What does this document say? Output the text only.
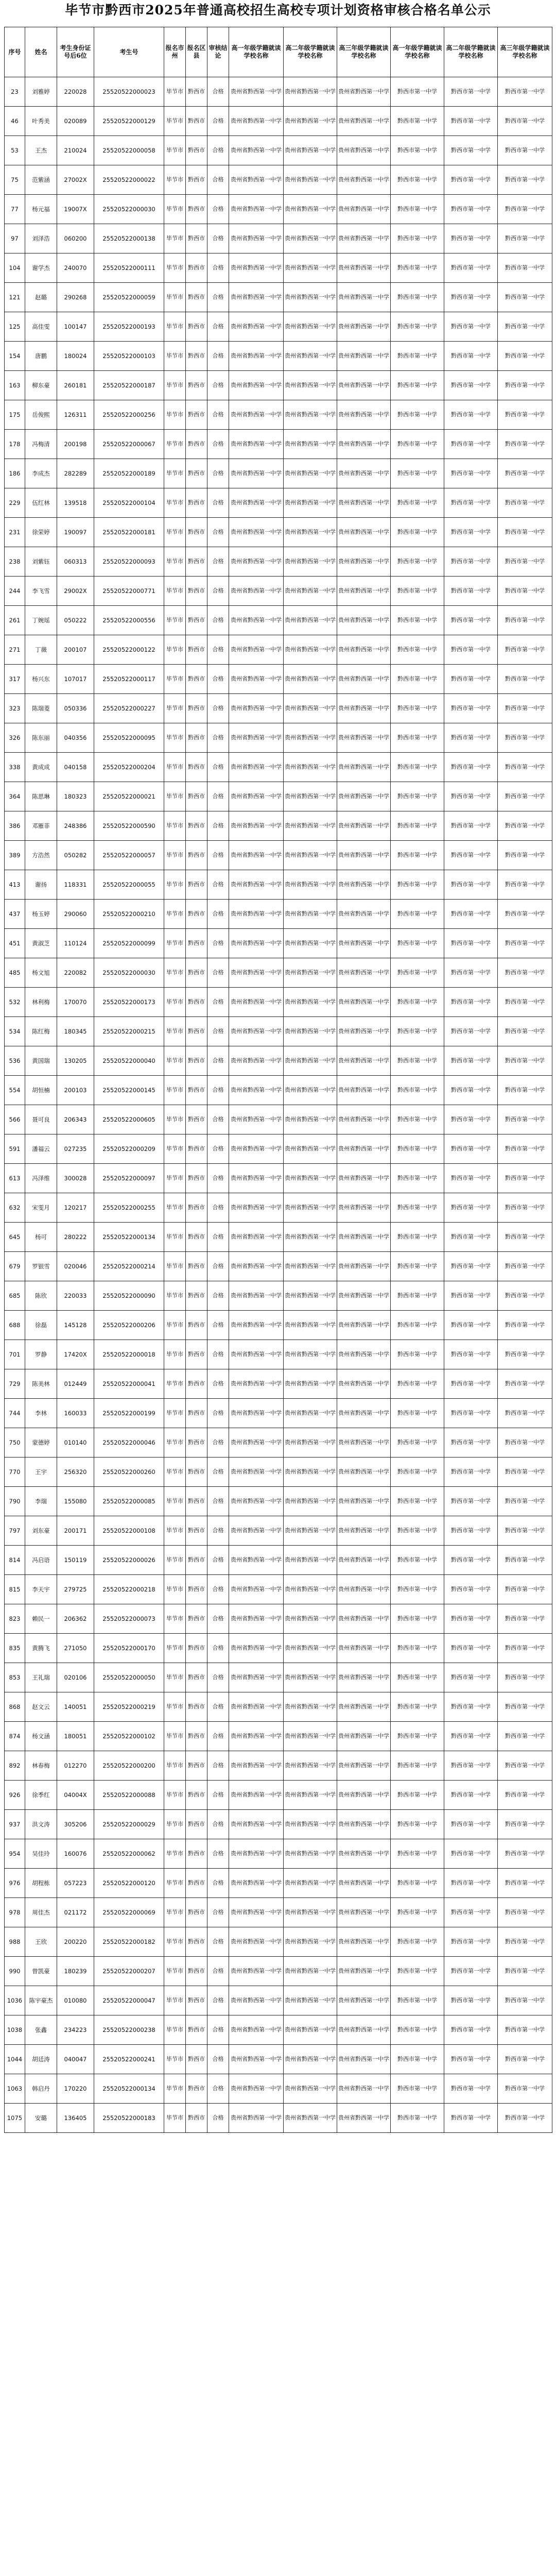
毕节市黔西市2025年普通高校招生高校专项计划资格审核合格名单公示
序号	姓名	考生身份证号后6位	考生号	报名市州	报名区县	审核结论	高一年级学籍就读学校名称	高二年级学籍就读学校名称	高三年级学籍就读学校名称	高一年级学籍就读学校名称	高二年级学籍就读学校名称	高三年级学籍就读学校名称
23	刘雅婷	220028	25520522000023	毕节市	黔西市	合格	贵州省黔西第一中学	贵州省黔西第一中学	贵州省黔西第一中学	黔西市第一中学	黔西市第一中学	黔西市第一中学
46	叶秀美	020089	25520522000129	毕节市	黔西市	合格	贵州省黔西第一中学	贵州省黔西第一中学	贵州省黔西第一中学	黔西市第一中学	黔西市第一中学	黔西市第一中学
53	王杰	210024	25520522000058	毕节市	黔西市	合格	贵州省黔西第一中学	贵州省黔西第一中学	贵州省黔西第一中学	黔西市第一中学	黔西市第一中学	黔西市第一中学
75	范紫涵	27002X	25520522000022	毕节市	黔西市	合格	贵州省黔西第一中学	贵州省黔西第一中学	贵州省黔西第一中学	黔西市第一中学	黔西市第一中学	黔西市第一中学
77	杨元福	19007X	25520522000030	毕节市	黔西市	合格	贵州省黔西第一中学	贵州省黔西第一中学	贵州省黔西第一中学	黔西市第一中学	黔西市第一中学	黔西市第一中学
97	刘泽浩	060200	25520522000138	毕节市	黔西市	合格	贵州省黔西第一中学	贵州省黔西第一中学	贵州省黔西第一中学	黔西市第一中学	黔西市第一中学	黔西市第一中学
104	谢学杰	240070	25520522000111	毕节市	黔西市	合格	贵州省黔西第一中学	贵州省黔西第一中学	贵州省黔西第一中学	黔西市第一中学	黔西市第一中学	黔西市第一中学
121	赵璐	290268	25520522000059	毕节市	黔西市	合格	贵州省黔西第一中学	贵州省黔西第一中学	贵州省黔西第一中学	黔西市第一中学	黔西市第一中学	黔西市第一中学
125	高佳雯	100147	25520522000193	毕节市	黔西市	合格	贵州省黔西第一中学	贵州省黔西第一中学	贵州省黔西第一中学	黔西市第一中学	黔西市第一中学	黔西市第一中学
154	唐鹏	180024	25520522000103	毕节市	黔西市	合格	贵州省黔西第一中学	贵州省黔西第一中学	贵州省黔西第一中学	黔西市第一中学	黔西市第一中学	黔西市第一中学
163	柳东豪	260181	25520522000187	毕节市	黔西市	合格	贵州省黔西第一中学	贵州省黔西第一中学	贵州省黔西第一中学	黔西市第一中学	黔西市第一中学	黔西市第一中学
175	岳俊熙	126311	25520522000256	毕节市	黔西市	合格	贵州省黔西第一中学	贵州省黔西第一中学	贵州省黔西第一中学	黔西市第一中学	黔西市第一中学	黔西市第一中学
178	冯梅清	200198	25520522000067	毕节市	黔西市	合格	贵州省黔西第一中学	贵州省黔西第一中学	贵州省黔西第一中学	黔西市第一中学	黔西市第一中学	黔西市第一中学
186	李成杰	282289	25520522000189	毕节市	黔西市	合格	贵州省黔西第一中学	贵州省黔西第一中学	贵州省黔西第一中学	黔西市第一中学	黔西市第一中学	黔西市第一中学
229	伍红林	139518	25520522000104	毕节市	黔西市	合格	贵州省黔西第一中学	贵州省黔西第一中学	贵州省黔西第一中学	黔西市第一中学	黔西市第一中学	黔西市第一中学
231	徐荣婷	190097	25520522000181	毕节市	黔西市	合格	贵州省黔西第一中学	贵州省黔西第一中学	贵州省黔西第一中学	黔西市第一中学	黔西市第一中学	黔西市第一中学
238	刘紫钰	060313	25520522000093	毕节市	黔西市	合格	贵州省黔西第一中学	贵州省黔西第一中学	贵州省黔西第一中学	黔西市第一中学	黔西市第一中学	黔西市第一中学
244	李飞雪	29002X	25520522000771	毕节市	黔西市	合格	贵州省黔西第一中学	贵州省黔西第一中学	贵州省黔西第一中学	黔西市第一中学	黔西市第一中学	黔西市第一中学
261	丁婉瑶	050222	25520522000556	毕节市	黔西市	合格	贵州省黔西第一中学	贵州省黔西第一中学	贵州省黔西第一中学	黔西市第一中学	黔西市第一中学	黔西市第一中学
271	丁薇	200107	25520522000122	毕节市	黔西市	合格	贵州省黔西第一中学	贵州省黔西第一中学	贵州省黔西第一中学	黔西市第一中学	黔西市第一中学	黔西市第一中学
317	杨兴东	107017	25520522000117	毕节市	黔西市	合格	贵州省黔西第一中学	贵州省黔西第一中学	贵州省黔西第一中学	黔西市第一中学	黔西市第一中学	黔西市第一中学
323	陈瑞菱	050336	25520522000227	毕节市	黔西市	合格	贵州省黔西第一中学	贵州省黔西第一中学	贵州省黔西第一中学	黔西市第一中学	黔西市第一中学	黔西市第一中学
326	陈东丽	040356	25520522000095	毕节市	黔西市	合格	贵州省黔西第一中学	贵州省黔西第一中学	贵州省黔西第一中学	黔西市第一中学	黔西市第一中学	黔西市第一中学
338	黄成成	040158	25520522000204	毕节市	黔西市	合格	贵州省黔西第一中学	贵州省黔西第一中学	贵州省黔西第一中学	黔西市第一中学	黔西市第一中学	黔西市第一中学
364	陈思琳	180323	25520522000021	毕节市	黔西市	合格	贵州省黔西第一中学	贵州省黔西第一中学	贵州省黔西第一中学	黔西市第一中学	黔西市第一中学	黔西市第一中学
386	邓雁菲	248386	25520522000590	毕节市	黔西市	合格	贵州省黔西第一中学	贵州省黔西第一中学	贵州省黔西第一中学	黔西市第一中学	黔西市第一中学	黔西市第一中学
389	方浩然	050282	25520522000057	毕节市	黔西市	合格	贵州省黔西第一中学	贵州省黔西第一中学	贵州省黔西第一中学	黔西市第一中学	黔西市第一中学	黔西市第一中学
413	谢扬	118331	25520522000055	毕节市	黔西市	合格	贵州省黔西第一中学	贵州省黔西第一中学	贵州省黔西第一中学	黔西市第一中学	黔西市第一中学	黔西市第一中学
437	杨玉婷	290060	25520522000210	毕节市	黔西市	合格	贵州省黔西第一中学	贵州省黔西第一中学	贵州省黔西第一中学	黔西市第一中学	黔西市第一中学	黔西市第一中学
451	黄淑芝	110124	25520522000099	毕节市	黔西市	合格	贵州省黔西第一中学	贵州省黔西第一中学	贵州省黔西第一中学	黔西市第一中学	黔西市第一中学	黔西市第一中学
485	杨文旭	220082	25520522000030	毕节市	黔西市	合格	贵州省黔西第一中学	贵州省黔西第一中学	贵州省黔西第一中学	黔西市第一中学	黔西市第一中学	黔西市第一中学
532	林利梅	170070	25520522000173	毕节市	黔西市	合格	贵州省黔西第一中学	贵州省黔西第一中学	贵州省黔西第一中学	黔西市第一中学	黔西市第一中学	黔西市第一中学
534	陈红梅	180345	25520522000215	毕节市	黔西市	合格	贵州省黔西第一中学	贵州省黔西第一中学	贵州省黔西第一中学	黔西市第一中学	黔西市第一中学	黔西市第一中学
536	黄国瑞	130205	25520522000040	毕节市	黔西市	合格	贵州省黔西第一中学	贵州省黔西第一中学	贵州省黔西第一中学	黔西市第一中学	黔西市第一中学	黔西市第一中学
554	胡恒楠	200103	25520522000145	毕节市	黔西市	合格	贵州省黔西第一中学	贵州省黔西第一中学	贵州省黔西第一中学	黔西市第一中学	黔西市第一中学	黔西市第一中学
566	聂可良	206343	25520522000605	毕节市	黔西市	合格	贵州省黔西第一中学	贵州省黔西第一中学	贵州省黔西第一中学	黔西市第一中学	黔西市第一中学	黔西市第一中学
591	潘福云	027235	25520522000209	毕节市	黔西市	合格	贵州省黔西第一中学	贵州省黔西第一中学	贵州省黔西第一中学	黔西市第一中学	黔西市第一中学	黔西市第一中学
613	冯泽维	300028	25520522000097	毕节市	黔西市	合格	贵州省黔西第一中学	贵州省黔西第一中学	贵州省黔西第一中学	黔西市第一中学	黔西市第一中学	黔西市第一中学
632	宋雯月	120217	25520522000255	毕节市	黔西市	合格	贵州省黔西第一中学	贵州省黔西第一中学	贵州省黔西第一中学	黔西市第一中学	黔西市第一中学	黔西市第一中学
645	杨可	280222	25520522000134	毕节市	黔西市	合格	贵州省黔西第一中学	贵州省黔西第一中学	贵州省黔西第一中学	黔西市第一中学	黔西市第一中学	黔西市第一中学
679	罗银雪	020046	25520522000214	毕节市	黔西市	合格	贵州省黔西第一中学	贵州省黔西第一中学	贵州省黔西第一中学	黔西市第一中学	黔西市第一中学	黔西市第一中学
685	陈欣	220033	25520522000090	毕节市	黔西市	合格	贵州省黔西第一中学	贵州省黔西第一中学	贵州省黔西第一中学	黔西市第一中学	黔西市第一中学	黔西市第一中学
688	徐磊	145128	25520522000206	毕节市	黔西市	合格	贵州省黔西第一中学	贵州省黔西第一中学	贵州省黔西第一中学	黔西市第一中学	黔西市第一中学	黔西市第一中学
701	罗静	17420X	25520522000018	毕节市	黔西市	合格	贵州省黔西第一中学	贵州省黔西第一中学	贵州省黔西第一中学	黔西市第一中学	黔西市第一中学	黔西市第一中学
729	陈美林	012449	25520522000041	毕节市	黔西市	合格	贵州省黔西第一中学	贵州省黔西第一中学	贵州省黔西第一中学	黔西市第一中学	黔西市第一中学	黔西市第一中学
744	李林	160033	25520522000199	毕节市	黔西市	合格	贵州省黔西第一中学	贵州省黔西第一中学	贵州省黔西第一中学	黔西市第一中学	黔西市第一中学	黔西市第一中学
750	蒙德婷	010140	25520522000046	毕节市	黔西市	合格	贵州省黔西第一中学	贵州省黔西第一中学	贵州省黔西第一中学	黔西市第一中学	黔西市第一中学	黔西市第一中学
770	王宇	256320	25520522000260	毕节市	黔西市	合格	贵州省黔西第一中学	贵州省黔西第一中学	贵州省黔西第一中学	黔西市第一中学	黔西市第一中学	黔西市第一中学
790	李瑞	155080	25520522000085	毕节市	黔西市	合格	贵州省黔西第一中学	贵州省黔西第一中学	贵州省黔西第一中学	黔西市第一中学	黔西市第一中学	黔西市第一中学
797	刘东豪	200171	25520522000108	毕节市	黔西市	合格	贵州省黔西第一中学	贵州省黔西第一中学	贵州省黔西第一中学	黔西市第一中学	黔西市第一中学	黔西市第一中学
814	冯启语	150119	25520522000026	毕节市	黔西市	合格	贵州省黔西第一中学	贵州省黔西第一中学	贵州省黔西第一中学	黔西市第一中学	黔西市第一中学	黔西市第一中学
815	李天宇	279725	25520522000218	毕节市	黔西市	合格	贵州省黔西第一中学	贵州省黔西第一中学	贵州省黔西第一中学	黔西市第一中学	黔西市第一中学	黔西市第一中学
823	赖民一	206362	25520522000073	毕节市	黔西市	合格	贵州省黔西第一中学	贵州省黔西第一中学	贵州省黔西第一中学	黔西市第一中学	黔西市第一中学	黔西市第一中学
835	黄腾飞	271050	25520522000170	毕节市	黔西市	合格	贵州省黔西第一中学	贵州省黔西第一中学	贵州省黔西第一中学	黔西市第一中学	黔西市第一中学	黔西市第一中学
853	王礼瑞	020106	25520522000050	毕节市	黔西市	合格	贵州省黔西第一中学	贵州省黔西第一中学	贵州省黔西第一中学	黔西市第一中学	黔西市第一中学	黔西市第一中学
868	赵文云	140051	25520522000219	毕节市	黔西市	合格	贵州省黔西第一中学	贵州省黔西第一中学	贵州省黔西第一中学	黔西市第一中学	黔西市第一中学	黔西市第一中学
874	杨文涵	180051	25520522000102	毕节市	黔西市	合格	贵州省黔西第一中学	贵州省黔西第一中学	贵州省黔西第一中学	黔西市第一中学	黔西市第一中学	黔西市第一中学
892	林春梅	012270	25520522000200	毕节市	黔西市	合格	贵州省黔西第一中学	贵州省黔西第一中学	贵州省黔西第一中学	黔西市第一中学	黔西市第一中学	黔西市第一中学
926	徐季红	04004X	25520522000088	毕节市	黔西市	合格	贵州省黔西第一中学	贵州省黔西第一中学	贵州省黔西第一中学	黔西市第一中学	黔西市第一中学	黔西市第一中学
937	洪文涛	305206	25520522000029	毕节市	黔西市	合格	贵州省黔西第一中学	贵州省黔西第一中学	贵州省黔西第一中学	黔西市第一中学	黔西市第一中学	黔西市第一中学
954	吴佳玲	160076	25520522000062	毕节市	黔西市	合格	贵州省黔西第一中学	贵州省黔西第一中学	贵州省黔西第一中学	黔西市第一中学	黔西市第一中学	黔西市第一中学
976	胡程栋	057223	25520522000120	毕节市	黔西市	合格	贵州省黔西第一中学	贵州省黔西第一中学	贵州省黔西第一中学	黔西市第一中学	黔西市第一中学	黔西市第一中学
978	周佳杰	021172	25520522000069	毕节市	黔西市	合格	贵州省黔西第一中学	贵州省黔西第一中学	贵州省黔西第一中学	黔西市第一中学	黔西市第一中学	黔西市第一中学
988	王欣	200220	25520522000182	毕节市	黔西市	合格	贵州省黔西第一中学	贵州省黔西第一中学	贵州省黔西第一中学	黔西市第一中学	黔西市第一中学	黔西市第一中学
990	曾凯豪	180239	25520522000207	毕节市	黔西市	合格	贵州省黔西第一中学	贵州省黔西第一中学	贵州省黔西第一中学	黔西市第一中学	黔西市第一中学	黔西市第一中学
1036	陈宇豪杰	010080	25520522000047	毕节市	黔西市	合格	贵州省黔西第一中学	贵州省黔西第一中学	贵州省黔西第一中学	黔西市第一中学	黔西市第一中学	黔西市第一中学
1038	张鑫	234223	25520522000238	毕节市	黔西市	合格	贵州省黔西第一中学	贵州省黔西第一中学	贵州省黔西第一中学	黔西市第一中学	黔西市第一中学	黔西市第一中学
1044	胡廷涛	040047	25520522000241	毕节市	黔西市	合格	贵州省黔西第一中学	贵州省黔西第一中学	贵州省黔西第一中学	黔西市第一中学	黔西市第一中学	黔西市第一中学
1063	韩启丹	170220	25520522000134	毕节市	黔西市	合格	贵州省黔西第一中学	贵州省黔西第一中学	贵州省黔西第一中学	黔西市第一中学	黔西市第一中学	黔西市第一中学
1075	安璐	136405	25520522000183	毕节市	黔西市	合格	贵州省黔西第一中学	贵州省黔西第一中学	贵州省黔西第一中学	黔西市第一中学	黔西市第一中学	黔西市第一中学
